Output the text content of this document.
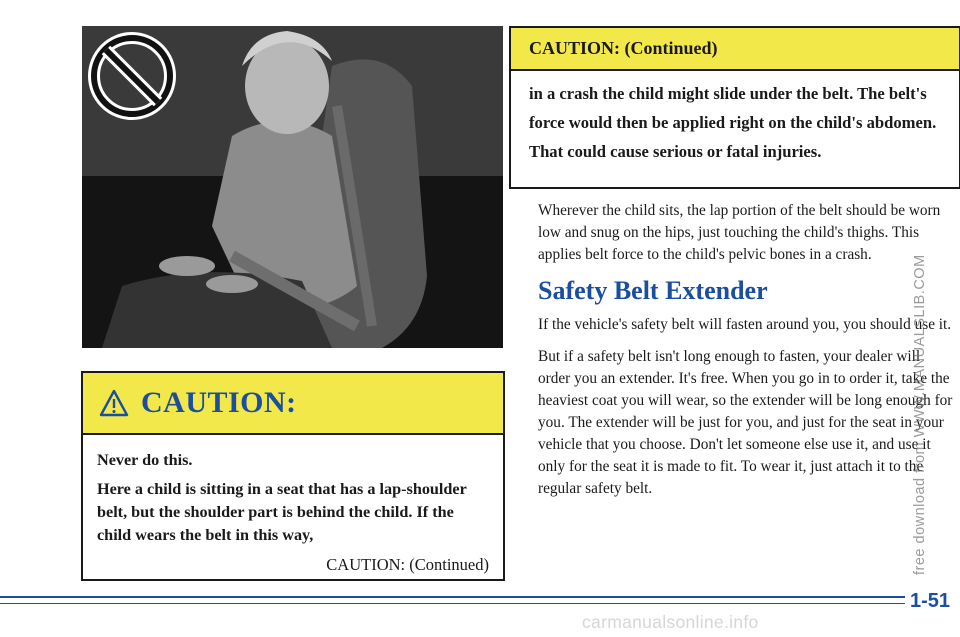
CAUTION:

Never do this.

Here a child is sitting in a seat that has a lap-shoulder belt, but the shoulder part is behind the child. If the child wears the belt in this way,

CAUTION: (Continued)
CAUTION: (Continued)

in a crash the child might slide under the belt. The belt's force would then be applied right on the child's abdomen. That could cause serious or fatal injuries.

Wherever the child sits, the lap portion of the belt should be worn low and snug on the hips, just touching the child's thighs. This applies belt force to the child's pelvic bones in a crash.

Safety Belt Extender

If the vehicle's safety belt will fasten around you, you should use it.

But if a safety belt isn't long enough to fasten, your dealer will order you an extender. It's free. When you go in to order it, take the heaviest coat you will wear, so the extender will be long enough for you. The extender will be just for you, and just for the seat in your vehicle that you choose. Don't let someone else use it, and use it only for the seat it is made to fit. To wear it, just attach it to the regular safety belt.

1-51
free download from WWW.MANUALSLIB.COM
carmanualsonline.info
